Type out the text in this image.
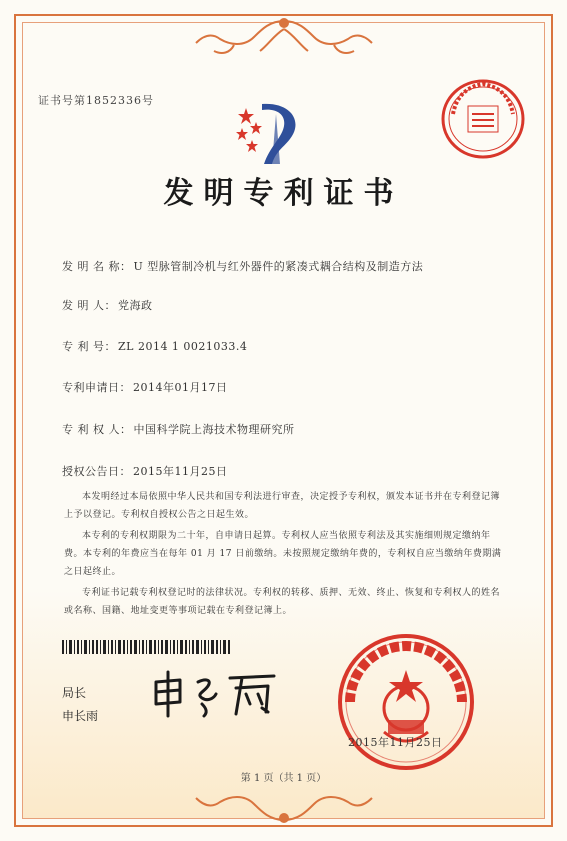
证书号第1852336号
发明专利证书
发 明 名 称： U 型脉管制冷机与红外器件的紧凑式耦合结构及制造方法
发 明 人： 党海政
专 利 号： ZL 2014 1 0021033.4
专利申请日： 2014年01月17日
专 利 权 人： 中国科学院上海技术物理研究所
授权公告日： 2015年11月25日

本发明经过本局依照中华人民共和国专利法进行审查，决定授予专利权，颁发本证书并在专利登记簿上予以登记。专利权自授权公告之日起生效。

本专利的专利权期限为二十年，自申请日起算。专利权人应当依照专利法及其实施细则规定缴纳年费。本专利的年费应当在每年 01 月 17 日前缴纳。未按照规定缴纳年费的，专利权自应当缴纳年费期满之日起终止。

专利证书记载专利权登记时的法律状况。专利权的转移、质押、无效、终止、恢复和专利权人的姓名或名称、国籍、地址变更等事项记载在专利登记簿上。

局长
申长雨
2015年11月25日
第 1 页（共 1 页）
